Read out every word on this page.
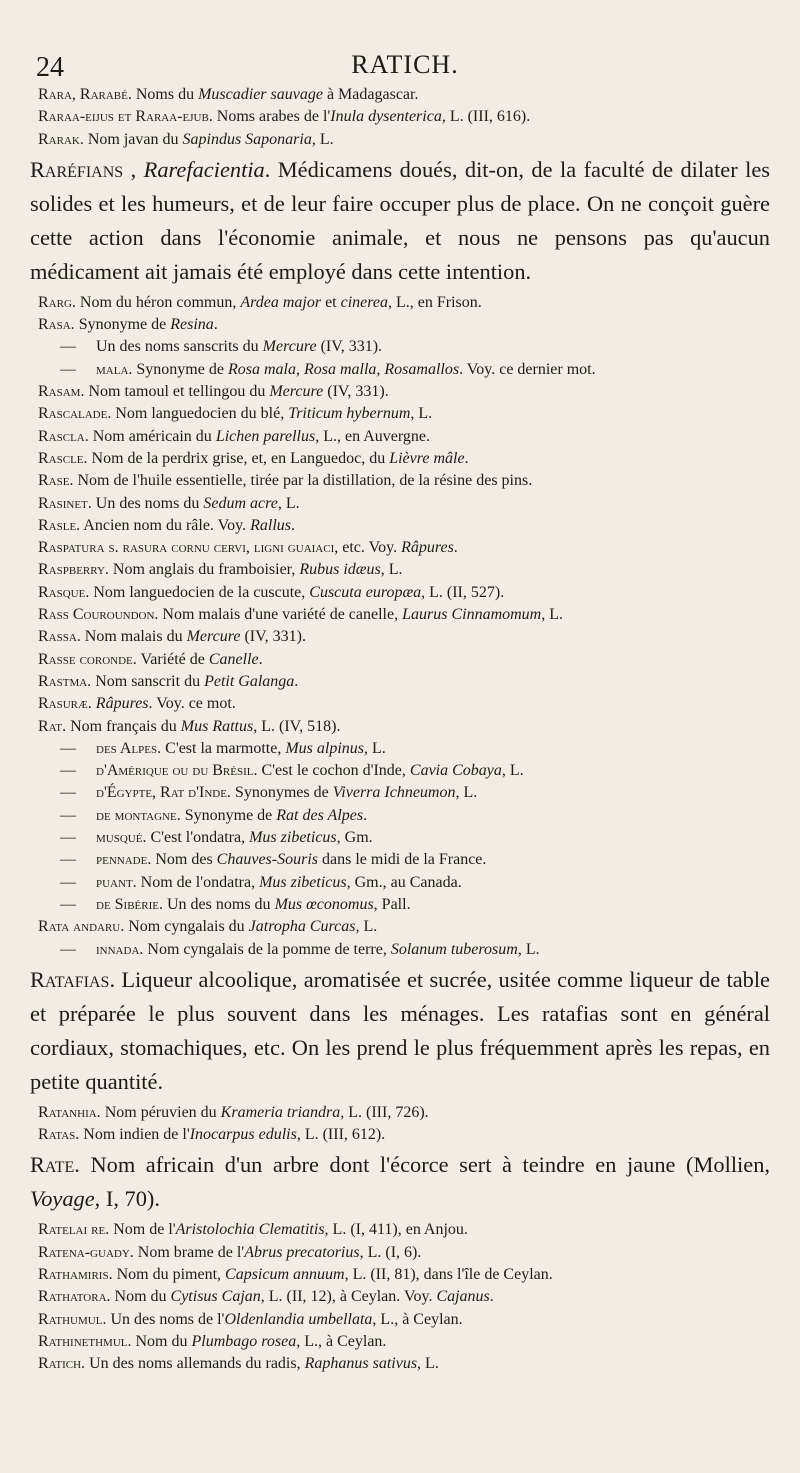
24	RATICH.

Rara, Rarabé. Noms du Muscadier sauvage à Madagascar.

Raraa-eijus et Raraa-ejub. Noms arabes de l'Inula dysenterica, L. (III, 616).

Rarak. Nom javan du Sapindus Saponaria, L.

Raréfians , Rarefacientia. Médicamens doués, dit-on, de la faculté de dilater les solides et les humeurs, et de leur faire occuper plus de place. On ne conçoit guère cette action dans l'économie animale, et nous ne pensons pas qu'aucun médicament ait jamais été employé dans cette intention.

Rarg. Nom du héron commun, Ardea major et cinerea, L., en Frison.

Rasa. Synonyme de Resina.

— Un des noms sanscrits du Mercure (IV, 331).

— mala. Synonyme de Rosa mala, Rosa malla, Rosamallos. Voy. ce dernier mot.

Rasam. Nom tamoul et tellingou du Mercure (IV, 331).

Rascalade. Nom languedocien du blé, Triticum hybernum, L.

Rascla. Nom américain du Lichen parellus, L., en Auvergne.

Rascle. Nom de la perdrix grise, et, en Languedoc, du Lièvre mâle.

Rase. Nom de l'huile essentielle, tirée par la distillation, de la résine des pins.

Rasinet. Un des noms du Sedum acre, L.

Rasle. Ancien nom du râle. Voy. Rallus.

Raspatura s. rasura cornu cervi, ligni guaiaci, etc. Voy. Râpures.

Raspberry. Nom anglais du framboisier, Rubus idæus, L.

Rasque. Nom languedocien de la cuscute, Cuscuta europæa, L. (II, 527).

Rass Couroundon. Nom malais d'une variété de canelle, Laurus Cinnamomum, L.

Rassa. Nom malais du Mercure (IV, 331).

Rasse coronde. Variété de Canelle.

Rastma. Nom sanscrit du Petit Galanga.

Rasuræ. Râpures. Voy. ce mot.

Rat. Nom français du Mus Rattus, L. (IV, 518).

— des Alpes. C'est la marmotte, Mus alpinus, L.

— d'Amérique ou du Brésil. C'est le cochon d'Inde, Cavia Cobaya, L.

— d'Égypte, Rat d'Inde. Synonymes de Viverra Ichneumon, L.

— de montagne. Synonyme de Rat des Alpes.

— musqué. C'est l'ondatra, Mus zibeticus, Gm.

— pennade. Nom des Chauves-Souris dans le midi de la France.

— puant. Nom de l'ondatra, Mus zibeticus, Gm., au Canada.

— de Sibérie. Un des noms du Mus œconomus, Pall.

Rata andaru. Nom cyngalais du Jatropha Curcas, L.

— innada. Nom cyngalais de la pomme de terre, Solanum tuberosum, L.

Ratafias. Liqueur alcoolique, aromatisée et sucrée, usitée comme liqueur de table et préparée le plus souvent dans les ménages. Les ratafias sont en général cordiaux, stomachiques, etc. On les prend le plus fréquemment après les repas, en petite quantité.

Ratanhia. Nom péruvien du Krameria triandra, L. (III, 726).

Ratas. Nom indien de l'Inocarpus edulis, L. (III, 612).

Rate. Nom africain d'un arbre dont l'écorce sert à teindre en jaune (Mollien, Voyage, I, 70).

Ratelai re. Nom de l'Aristolochia Clematitis, L. (I, 411), en Anjou.

Ratena-guady. Nom brame de l'Abrus precatorius, L. (I, 6).

Rathamiris. Nom du piment, Capsicum annuum, L. (II, 81), dans l'île de Ceylan.

Rathatora. Nom du Cytisus Cajan, L. (II, 12), à Ceylan. Voy. Cajanus.

Rathumul. Un des noms de l'Oldenlandia umbellata, L., à Ceylan.

Rathinethmul. Nom du Plumbago rosea, L., à Ceylan.

Ratich. Un des noms allemands du radis, Raphanus sativus, L.
